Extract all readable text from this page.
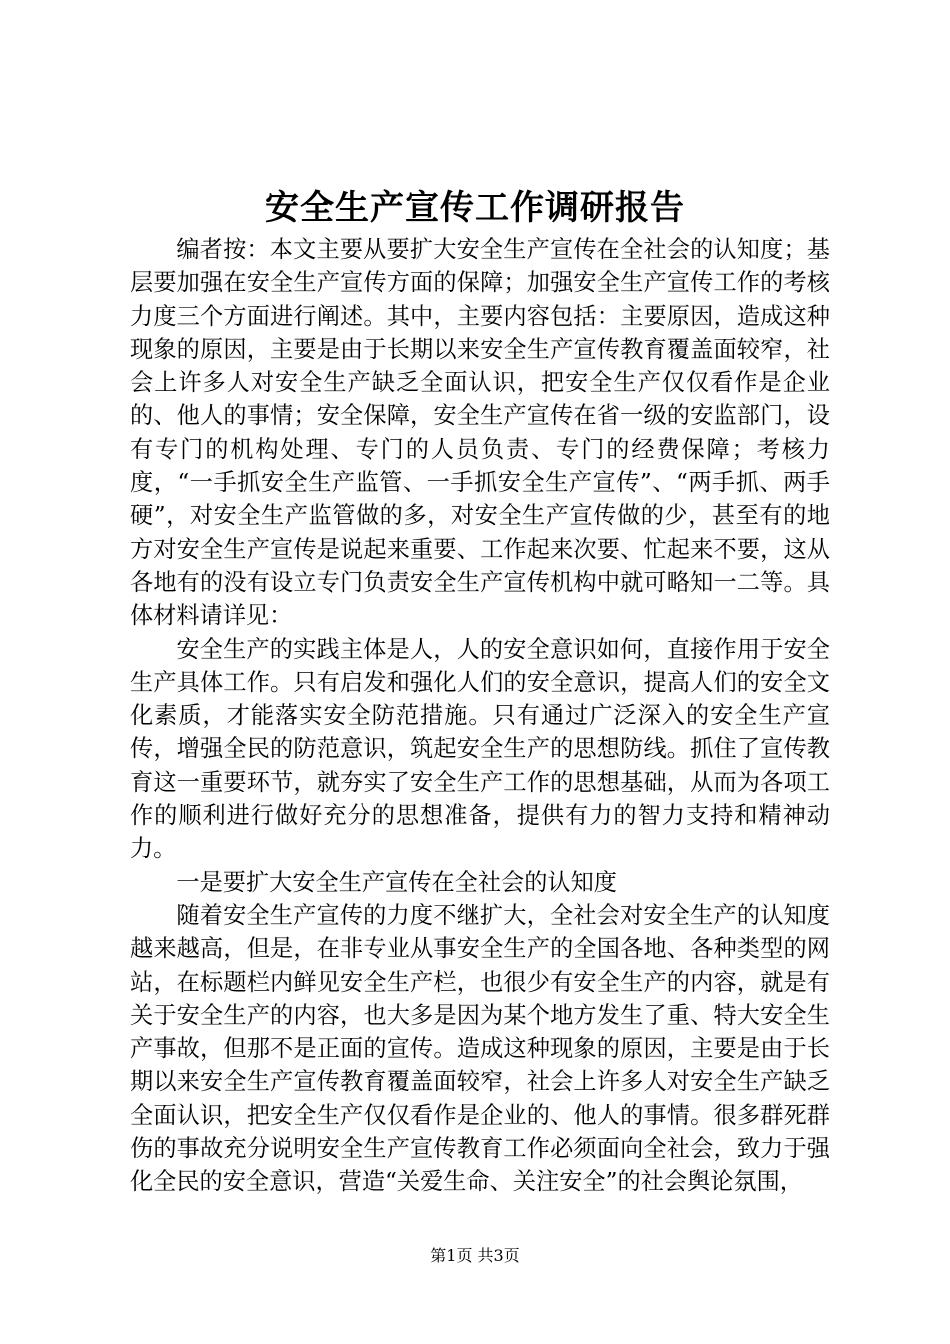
安全生产宣传工作调研报告

编者按：本文主要从要扩大安全生产宣传在全社会的认知度；基层要加强在安全生产宣传方面的保障；加强安全生产宣传工作的考核力度三个方面进行阐述。其中，主要内容包括：主要原因，造成这种现象的原因，主要是由于长期以来安全生产宣传教育覆盖面较窄，社会上许多人对安全生产缺乏全面认识，把安全生产仅仅看作是企业的、他人的事情；安全保障，安全生产宣传在省一级的安监部门，设有专门的机构处理、专门的人员负责、专门的经费保障；考核力度，“一手抓安全生产监管、一手抓安全生产宣传”、“两手抓、两手硬”，对安全生产监管做的多，对安全生产宣传做的少，甚至有的地方对安全生产宣传是说起来重要、工作起来次要、忙起来不要，这从各地有的没有设立专门负责安全生产宣传机构中就可略知一二等。具体材料请详见：

安全生产的实践主体是人，人的安全意识如何，直接作用于安全生产具体工作。只有启发和强化人们的安全意识，提高人们的安全文化素质，才能落实安全防范措施。只有通过广泛深入的安全生产宣传，增强全民的防范意识，筑起安全生产的思想防线。抓住了宣传教育这一重要环节，就夯实了安全生产工作的思想基础，从而为各项工作的顺利进行做好充分的思想准备，提供有力的智力支持和精神动力。

一是要扩大安全生产宣传在全社会的认知度

随着安全生产宣传的力度不继扩大，全社会对安全生产的认知度越来越高，但是，在非专业从事安全生产的全国各地、各种类型的网站，在标题栏内鲜见安全生产栏，也很少有安全生产的内容，就是有关于安全生产的内容，也大多是因为某个地方发生了重、特大安全生产事故，但那不是正面的宣传。造成这种现象的原因，主要是由于长期以来安全生产宣传教育覆盖面较窄，社会上许多人对安全生产缺乏全面认识，把安全生产仅仅看作是企业的、他人的事情。很多群死群伤的事故充分说明安全生产宣传教育工作必须面向全社会，致力于强化全民的安全意识，营造“关爱生命、关注安全”的社会舆论氛围，

第1页 共3页
